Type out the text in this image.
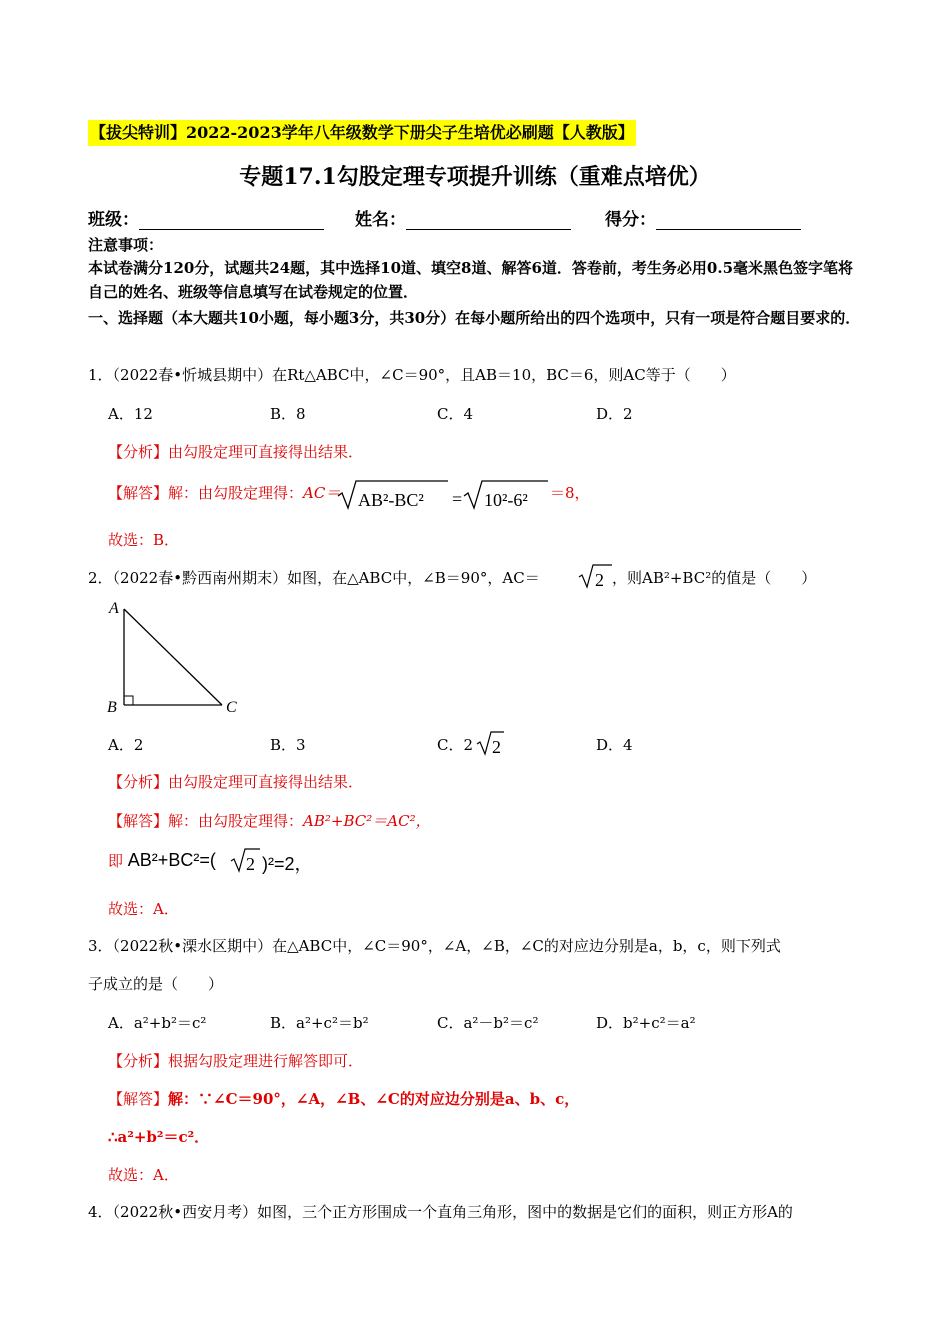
【拔尖特训】2022-2023学年八年级数学下册尖子生培优必刷题【人教版】
专题17.1勾股定理专项提升训练（重难点培优）
班级：	姓名：	得分：
注意事项：
本试卷满分120分，试题共24题，其中选择10道、填空8道、解答6道．答卷前，考生务必用0.5毫米黑色签字笔将自己的姓名、班级等信息填写在试卷规定的位置．
一、选择题（本大题共10小题，每小题3分，共30分）在每小题所给出的四个选项中，只有一项是符合题目要求的．
1．（2022春•忻城县期中）在Rt△ABC中，∠C＝90°，且AB＝10，BC＝6，则AC等于（　　）
A．12	B．8	C．4	D．2
【分析】由勾股定理可直接得出结果．
【解答】解：由勾股定理得：AC＝ AB²-BC² = 10²-6² ＝8，
故选：B．
2．（2022春•黔西南州期末）如图，在△ABC中，∠B＝90°，AC＝	2 ，则AB²+BC²的值是（　　）
A
B	C
A．2	B．3	C．2 2	D．4
【分析】由勾股定理可直接得出结果．
【解答】解：由勾股定理得：AB²+BC²＝AC²，
即 AB²+BC²=( 2 )²=2，
故选：A．
3．（2022秋•溧水区期中）在△ABC中，∠C＝90°，∠A，∠B，∠C的对应边分别是a，b，c，则下列式
子成立的是（　　）
A．a²+b²＝c²	B．a²+c²＝b²	C．a²－b²＝c²	D．b²+c²＝a²
【分析】根据勾股定理进行解答即可．
【解答】解：∵∠C＝90°，∠A，∠B、∠C的对应边分别是a、b、c，
∴a²+b²＝c²．
故选：A．
4．（2022秋•西安月考）如图，三个正方形围成一个直角三角形，图中的数据是它们的面积，则正方形A的
